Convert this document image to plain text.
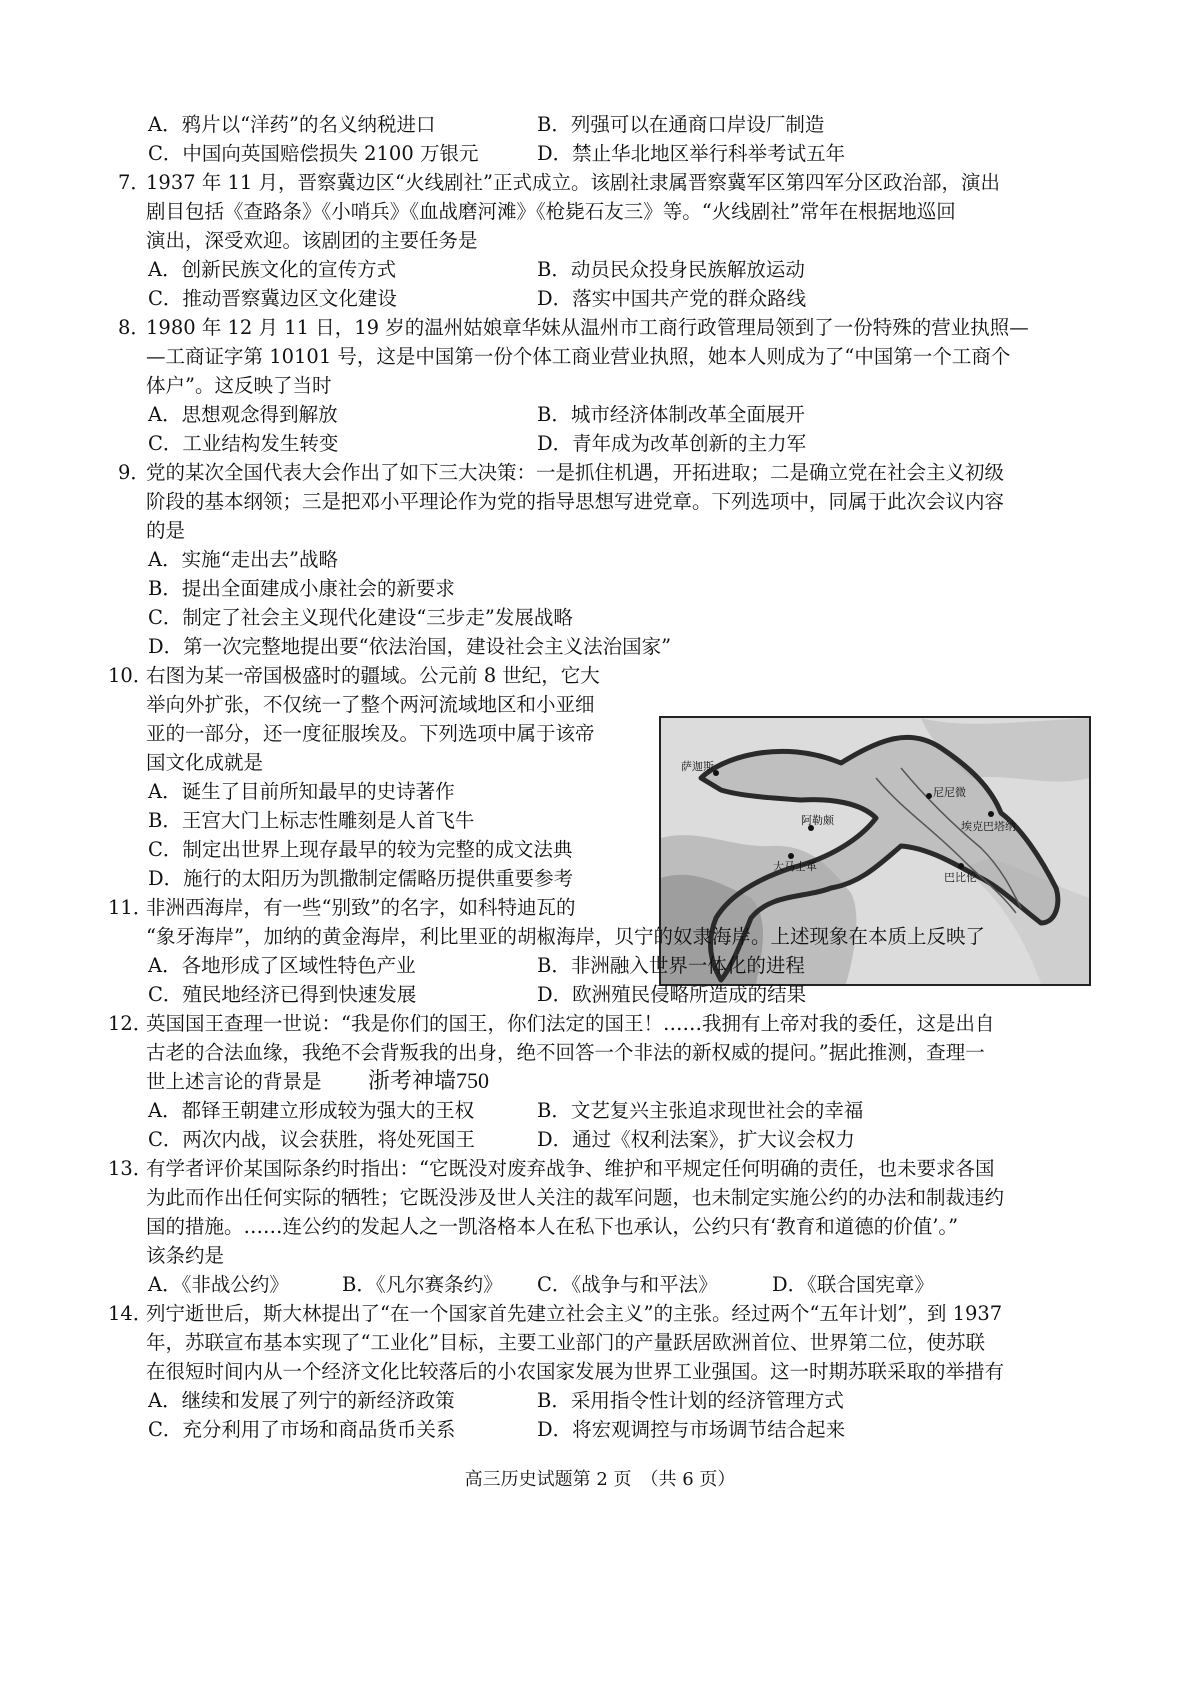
A．鸦片以“洋药”的名义纳税进口	B．列强可以在通商口岸设厂制造
C．中国向英国赔偿损失 2100 万银元	D．禁止华北地区举行科举考试五年
7．
1937 年 11 月，晋察冀边区“火线剧社”正式成立。该剧社隶属晋察冀军区第四军分区政治部，演出
剧目包括《查路条》《小哨兵》《血战磨河滩》《枪毙石友三》等。“火线剧社”常年在根据地巡回
演出，深受欢迎。该剧团的主要任务是
A．创新民族文化的宣传方式	B．动员民众投身民族解放运动
C．推动晋察冀边区文化建设	D．落实中国共产党的群众路线
8．
1980 年 12 月 11 日，19 岁的温州姑娘章华妹从温州市工商行政管理局领到了一份特殊的营业执照—
—工商证字第 10101 号，这是中国第一份个体工商业营业执照，她本人则成为了“中国第一个工商个
体户”。这反映了当时
A．思想观念得到解放	B．城市经济体制改革全面展开
C．工业结构发生转变	D．青年成为改革创新的主力军
9．
党的某次全国代表大会作出了如下三大决策：一是抓住机遇，开拓进取；二是确立党在社会主义初级
阶段的基本纲领；三是把邓小平理论作为党的指导思想写进党章。下列选项中，同属于此次会议内容
的是
A．实施“走出去”战略
B．提出全面建成小康社会的新要求
C．制定了社会主义现代化建设“三步走”发展战略
D．第一次完整地提出要“依法治国，建设社会主义法治国家”
10．
右图为某一帝国极盛时的疆域。公元前 8 世纪，它大
举向外扩张，不仅统一了整个两河流域地区和小亚细
亚的一部分，还一度征服埃及。下列选项中属于该帝
国文化成就是
A．诞生了目前所知最早的史诗著作
B．王宫大门上标志性雕刻是人首飞牛
C．制定出世界上现存最早的较为完整的成文法典
D．施行的太阳历为凯撒制定儒略历提供重要参考
尼尼微
埃克巴塔纳
巴比伦
阿勒颇
大马士革
萨迦斯
11．
非洲西海岸，有一些“别致”的名字，如科特迪瓦的
“象牙海岸”，加纳的黄金海岸，利比里亚的胡椒海岸，贝宁的奴隶海岸。上述现象在本质上反映了
A．各地形成了区域性特色产业	B．非洲融入世界一体化的进程
C．殖民地经济已得到快速发展	D．欧洲殖民侵略所造成的结果
12．
英国国王查理一世说：“我是你们的国王，你们法定的国王！……我拥有上帝对我的委任，这是出自
古老的合法血缘，我绝不会背叛我的出身，绝不回答一个非法的新权威的提问。”据此推测，查理一
世上述言论的背景是 浙考神墙750
A．都铎王朝建立形成较为强大的王权	B．文艺复兴主张追求现世社会的幸福
C．两次内战，议会获胜，将处死国王	D．通过《权利法案》，扩大议会权力
13．
有学者评价某国际条约时指出：“它既没对废弃战争、维护和平规定任何明确的责任，也未要求各国
为此而作出任何实际的牺牲；它既没涉及世人关注的裁军问题，也未制定实施公约的办法和制裁违约
国的措施。……连公约的发起人之一凯洛格本人在私下也承认，公约只有‘教育和道德的价值’。”
该条约是
A．《非战公约》	B．《凡尔赛条约》 C．《战争与和平法》	D．《联合国宪章》
14．
列宁逝世后，斯大林提出了“在一个国家首先建立社会主义”的主张。经过两个“五年计划”，到 1937
年，苏联宣布基本实现了“工业化”目标，主要工业部门的产量跃居欧洲首位、世界第二位，使苏联
在很短时间内从一个经济文化比较落后的小农国家发展为世界工业强国。这一时期苏联采取的举措有
A．继续和发展了列宁的新经济政策	B．采用指令性计划的经济管理方式
C．充分利用了市场和商品货币关系	D．将宏观调控与市场调节结合起来
高三历史试题第 2 页　（共 6 页）
